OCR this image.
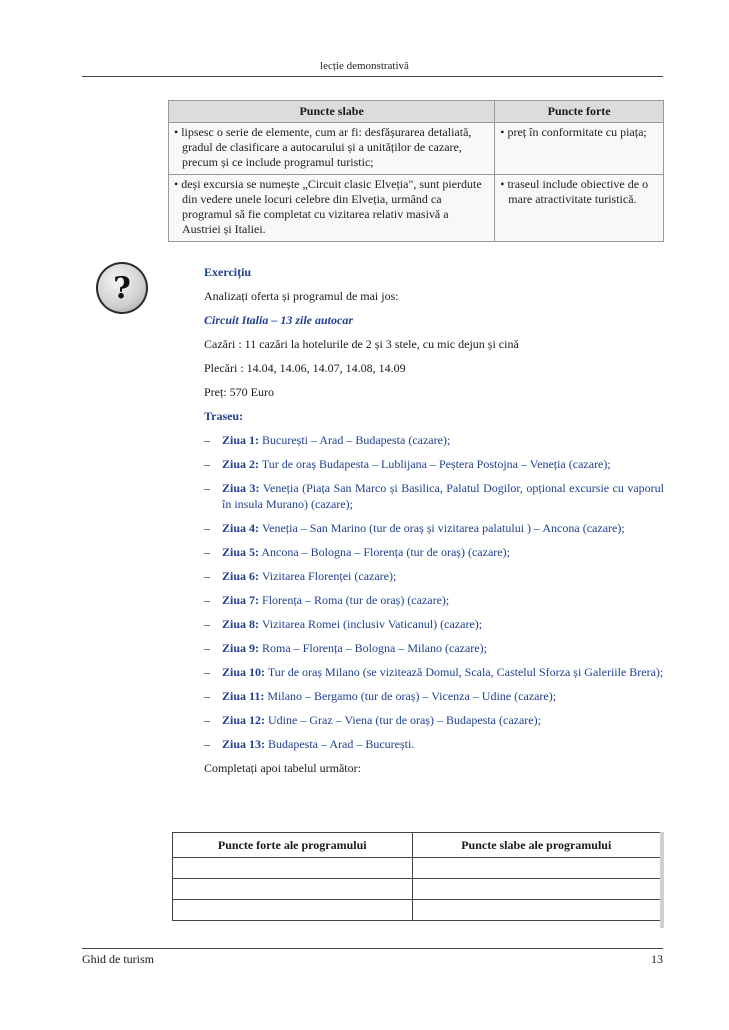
lecție demonstrativă
Puncte slabe	Puncte forte

• lipsesc o serie de elemente, cum ar fi: desfășurarea detaliată, gradul de clasificare a autocarului și a unităților de cazare, precum și ce include programul turistic;	• preț în conformitate cu piața;

• deși excursia se numește „Circuit clasic Elveția", sunt pierdute din vedere unele locuri celebre din Elveția, urmând ca programul să fie completat cu vizitarea relativ masivă a Austriei și Italiei.	• traseul include obiective de o mare atractivitate turistică.
?	Exercițiu
Analizați oferta și programul de mai jos:
Circuit Italia – 13 zile autocar
Cazări : 11 cazări la hotelurile de 2 și 3 stele, cu mic dejun și cină
Plecări : 14.04, 14.06, 14.07, 14.08, 14.09
Preț: 570 Euro
Traseu:
– Ziua 1: București – Arad – Budapesta (cazare);
– Ziua 2: Tur de oraș Budapesta – Lublijana – Peștera Postojna – Veneția (cazare);
– Ziua 3: Veneția (Piața San Marco și Basilica, Palatul Dogilor, opțional excursie cu vaporul în insula Murano) (cazare);
– Ziua 4: Veneția – San Marino (tur de oraș și vizitarea palatului ) – Ancona (cazare);
– Ziua 5: Ancona – Bologna – Florența (tur de oraș) (cazare);
– Ziua 6: Vizitarea Florenței (cazare);
– Ziua 7: Florența – Roma (tur de oraș) (cazare);
– Ziua 8: Vizitarea Romei (inclusiv Vaticanul) (cazare);
– Ziua 9: Roma – Florența – Bologna – Milano (cazare);
– Ziua 10: Tur de oraș Milano (se vizitează Domul, Scala, Castelul Sforza și Galeriile Brera);
– Ziua 11: Milano – Bergamo (tur de oraș) – Vicenza – Udine (cazare);
– Ziua 12: Udine – Graz – Viena (tur de oraș) – Budapesta (cazare);
– Ziua 13: Budapesta – Arad – București.
Completați apoi tabelul următor:
Puncte forte ale programului	Puncte slabe ale programului

Ghid de turism	13
